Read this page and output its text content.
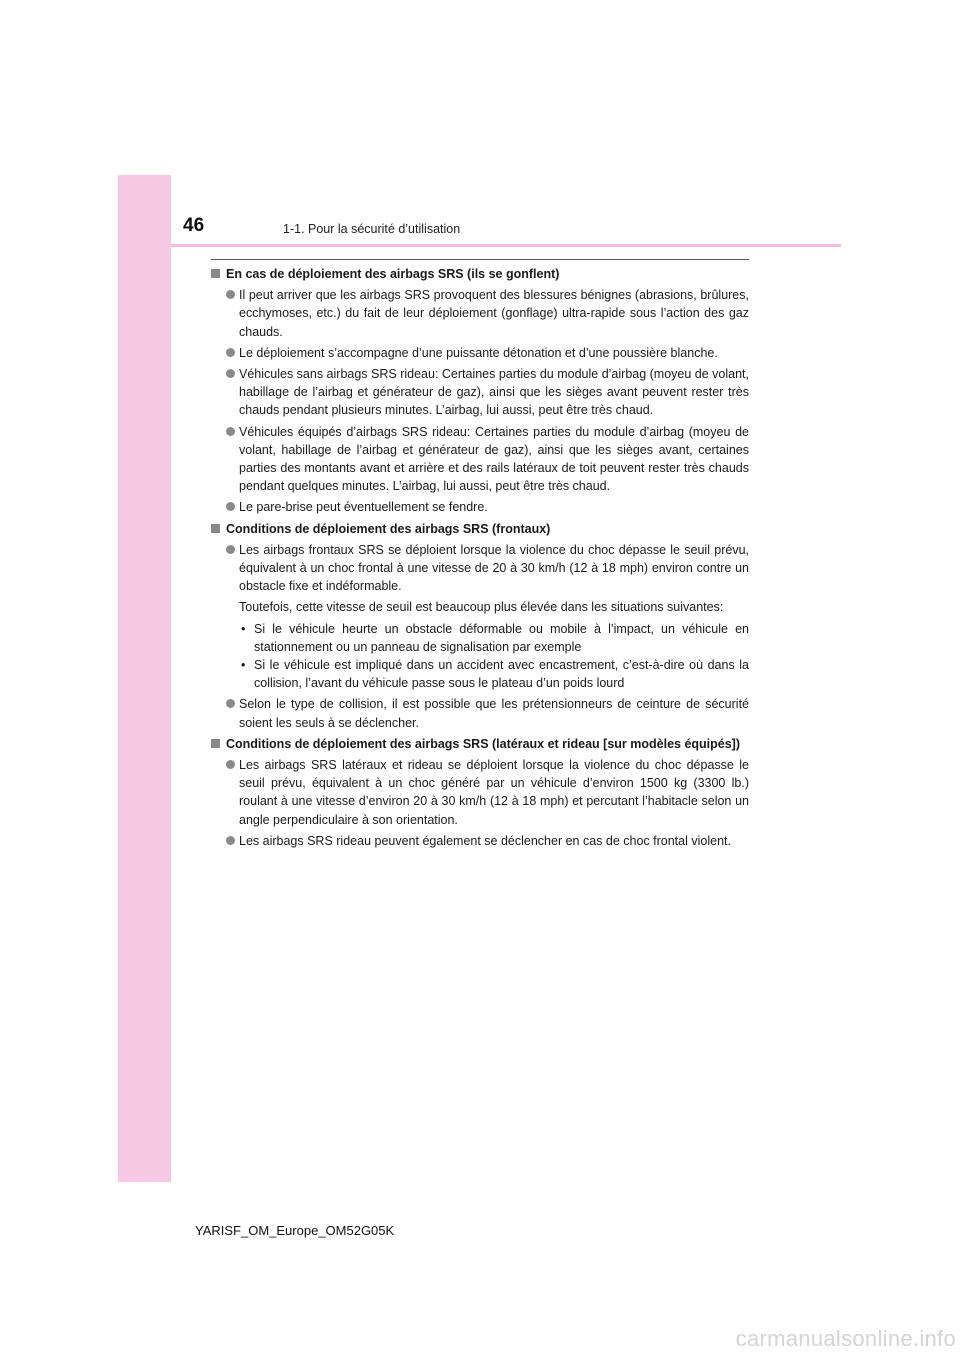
46	1-1. Pour la sécurité d’utilisation
En cas de déploiement des airbags SRS (ils se gonflent)
Il peut arriver que les airbags SRS provoquent des blessures bénignes (abrasions, brûlures, ecchymoses, etc.) du fait de leur déploiement (gonflage) ultra-rapide sous l’action des gaz chauds.
Le déploiement s’accompagne d’une puissante détonation et d’une poussière blanche.
Véhicules sans airbags SRS rideau: Certaines parties du module d’airbag (moyeu de volant, habillage de l’airbag et générateur de gaz), ainsi que les sièges avant peuvent rester très chauds pendant plusieurs minutes. L’airbag, lui aussi, peut être très chaud.
Véhicules équipés d’airbags SRS rideau: Certaines parties du module d’airbag (moyeu de volant, habillage de l’airbag et générateur de gaz), ainsi que les sièges avant, certaines parties des montants avant et arrière et des rails latéraux de toit peuvent rester très chauds pendant quelques minutes. L’airbag, lui aussi, peut être très chaud.
Le pare-brise peut éventuellement se fendre.
Conditions de déploiement des airbags SRS (frontaux)
Les airbags frontaux SRS se déploient lorsque la violence du choc dépasse le seuil prévu, équivalent à un choc frontal à une vitesse de 20 à 30 km/h (12 à 18 mph) environ contre un obstacle fixe et indéformable.
Toutefois, cette vitesse de seuil est beaucoup plus élevée dans les situations suivantes:
• Si le véhicule heurte un obstacle déformable ou mobile à l’impact, un véhicule en stationnement ou un panneau de signalisation par exemple
• Si le véhicule est impliqué dans un accident avec encastrement, c’est-à-dire où dans la collision, l’avant du véhicule passe sous le plateau d’un poids lourd
Selon le type de collision, il est possible que les prétensionneurs de ceinture de sécurité soient les seuls à se déclencher.
Conditions de déploiement des airbags SRS (latéraux et rideau [sur modèles équipés])
Les airbags SRS latéraux et rideau se déploient lorsque la violence du choc dépasse le seuil prévu, équivalent à un choc généré par un véhicule d’environ 1500 kg (3300 lb.) roulant à une vitesse d’environ 20 à 30 km/h (12 à 18 mph) et percutant l’habitacle selon un angle perpendiculaire à son orientation.
Les airbags SRS rideau peuvent également se déclencher en cas de choc frontal violent.
YARISF_OM_Europe_OM52G05K
carmanualsonline.info
